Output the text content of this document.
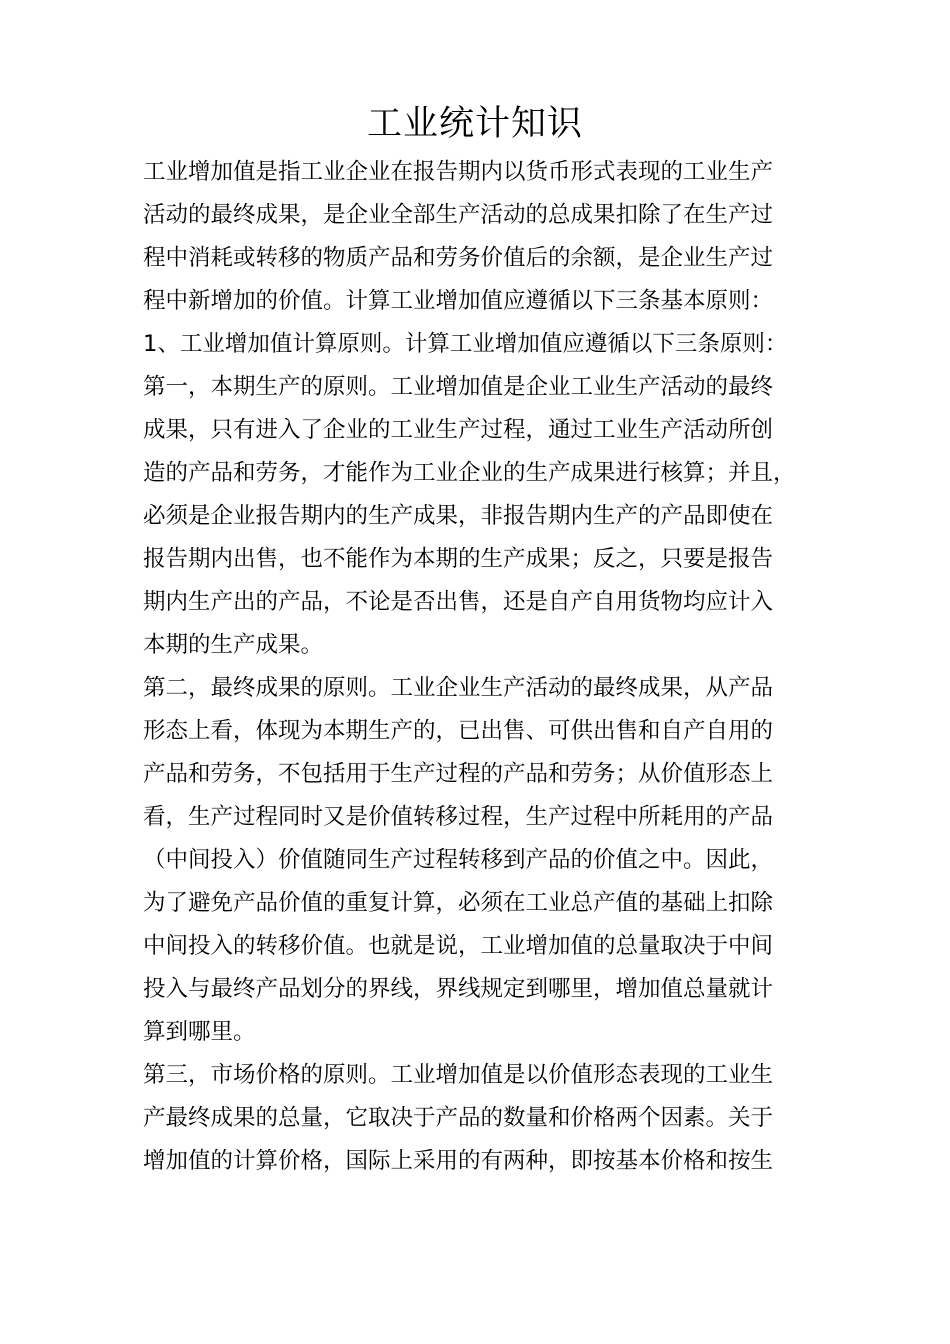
工业统计知识

工业增加值是指工业企业在报告期内以货币形式表现的工业生产
活动的最终成果，是企业全部生产活动的总成果扣除了在生产过
程中消耗或转移的物质产品和劳务价值后的余额，是企业生产过
程中新增加的价值。计算工业增加值应遵循以下三条基本原则：

1、工业增加值计算原则。计算工业增加值应遵循以下三条原则：

第一，本期生产的原则。工业增加值是企业工业生产活动的最终
成果，只有进入了企业的工业生产过程，通过工业生产活动所创
造的产品和劳务，才能作为工业企业的生产成果进行核算；并且，
必须是企业报告期内的生产成果，非报告期内生产的产品即使在
报告期内出售，也不能作为本期的生产成果；反之，只要是报告
期内生产出的产品，不论是否出售，还是自产自用货物均应计入
本期的生产成果。

第二，最终成果的原则。工业企业生产活动的最终成果，从产品
形态上看，体现为本期生产的，已出售、可供出售和自产自用的
产品和劳务，不包括用于生产过程的产品和劳务；从价值形态上
看，生产过程同时又是价值转移过程，生产过程中所耗用的产品
（中间投入）价值随同生产过程转移到产品的价值之中。因此，
为了避免产品价值的重复计算，必须在工业总产值的基础上扣除
中间投入的转移价值。也就是说，工业增加值的总量取决于中间
投入与最终产品划分的界线，界线规定到哪里，增加值总量就计
算到哪里。

第三，市场价格的原则。工业增加值是以价值形态表现的工业生
产最终成果的总量，它取决于产品的数量和价格两个因素。关于
增加值的计算价格，国际上采用的有两种，即按基本价格和按生
